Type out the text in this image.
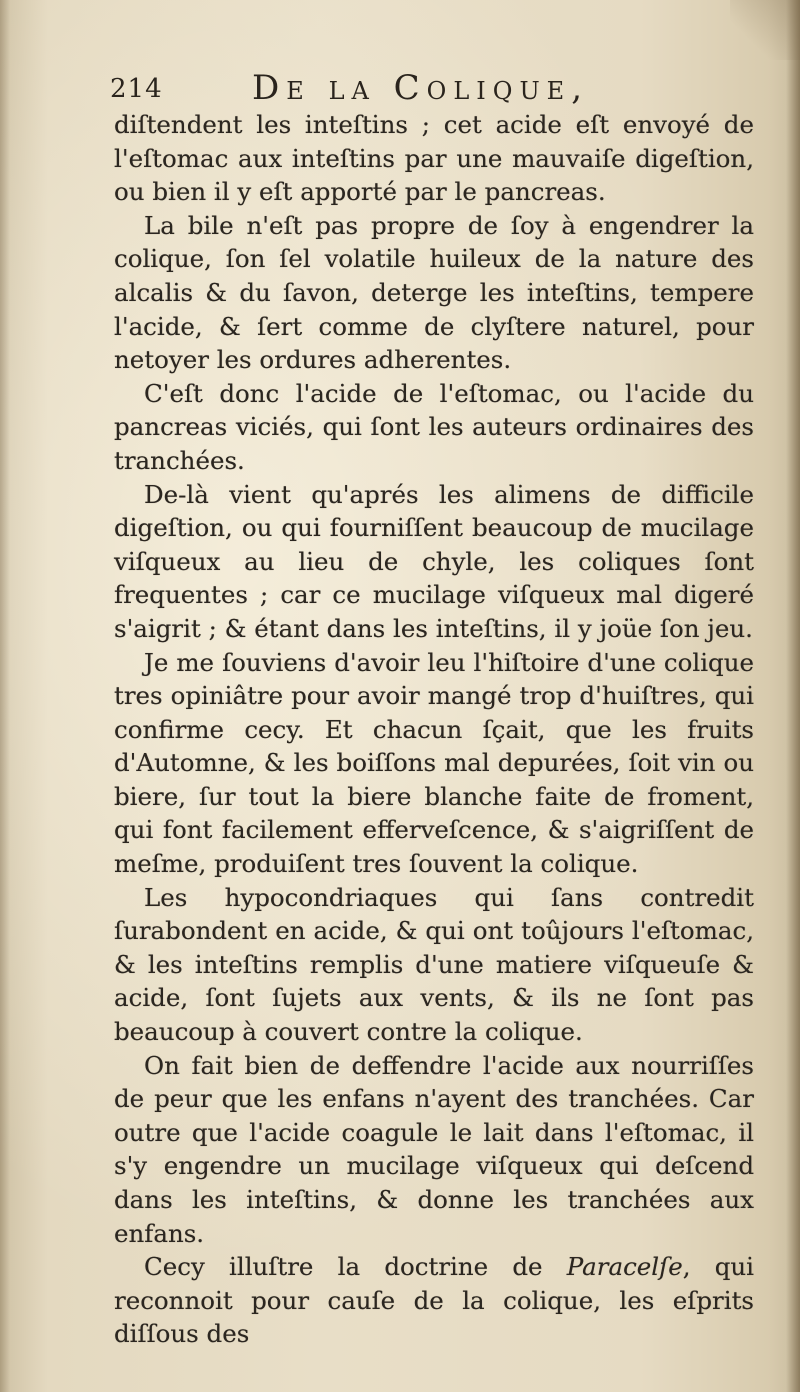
214	De la Colique,

diſtendent les inteſtins ; cet acide eſt envoyé de l'eſtomac aux inteſtins par une mauvaiſe digeſtion, ou bien il y eſt apporté par le pancreas.

La bile n'eſt pas propre de ſoy à engendrer la colique, ſon ſel volatile huileux de la nature des alcalis & du ſavon, deterge les inteſtins, tempere l'acide, & ſert comme de clyſtere naturel, pour netoyer les ordures adherentes.

C'eſt donc l'acide de l'eſtomac, ou l'acide du pancreas viciés, qui ſont les auteurs ordinaires des tranchées.

De-là vient qu'aprés les alimens de difficile digeſtion, ou qui fourniſſent beaucoup de mucilage viſqueux au lieu de chyle, les coliques ſont frequentes ; car ce mucilage viſqueux mal digeré s'aigrit ; & étant dans les inteſtins, il y joüe ſon jeu.

Je me ſouviens d'avoir leu l'hiſtoire d'une colique tres opiniâtre pour avoir mangé trop d'huiſtres, qui confirme cecy. Et chacun ſçait, que les fruits d'Automne, & les boiſſons mal depurées, ſoit vin ou biere, ſur tout la biere blanche faite de froment, qui font facilement efferveſcence, & s'aigriſſent de meſme, produiſent tres ſouvent la colique.

Les hypocondriaques qui ſans contredit ſurabondent en acide, & qui ont toûjours l'eſtomac, & les inteſtins remplis d'une matiere viſqueuſe & acide, ſont ſujets aux vents, & ils ne ſont pas beaucoup à couvert contre la colique.

On fait bien de deffendre l'acide aux nourriſſes de peur que les enfans n'ayent des tranchées. Car outre que l'acide coagule le lait dans l'eſtomac, il s'y engendre un mucilage viſqueux qui deſcend dans les inteſtins, & donne les tranchées aux enfans.

Cecy illuſtre la doctrine de Paracelſe, qui reconnoit pour cauſe de la colique, les eſprits diſſous des
